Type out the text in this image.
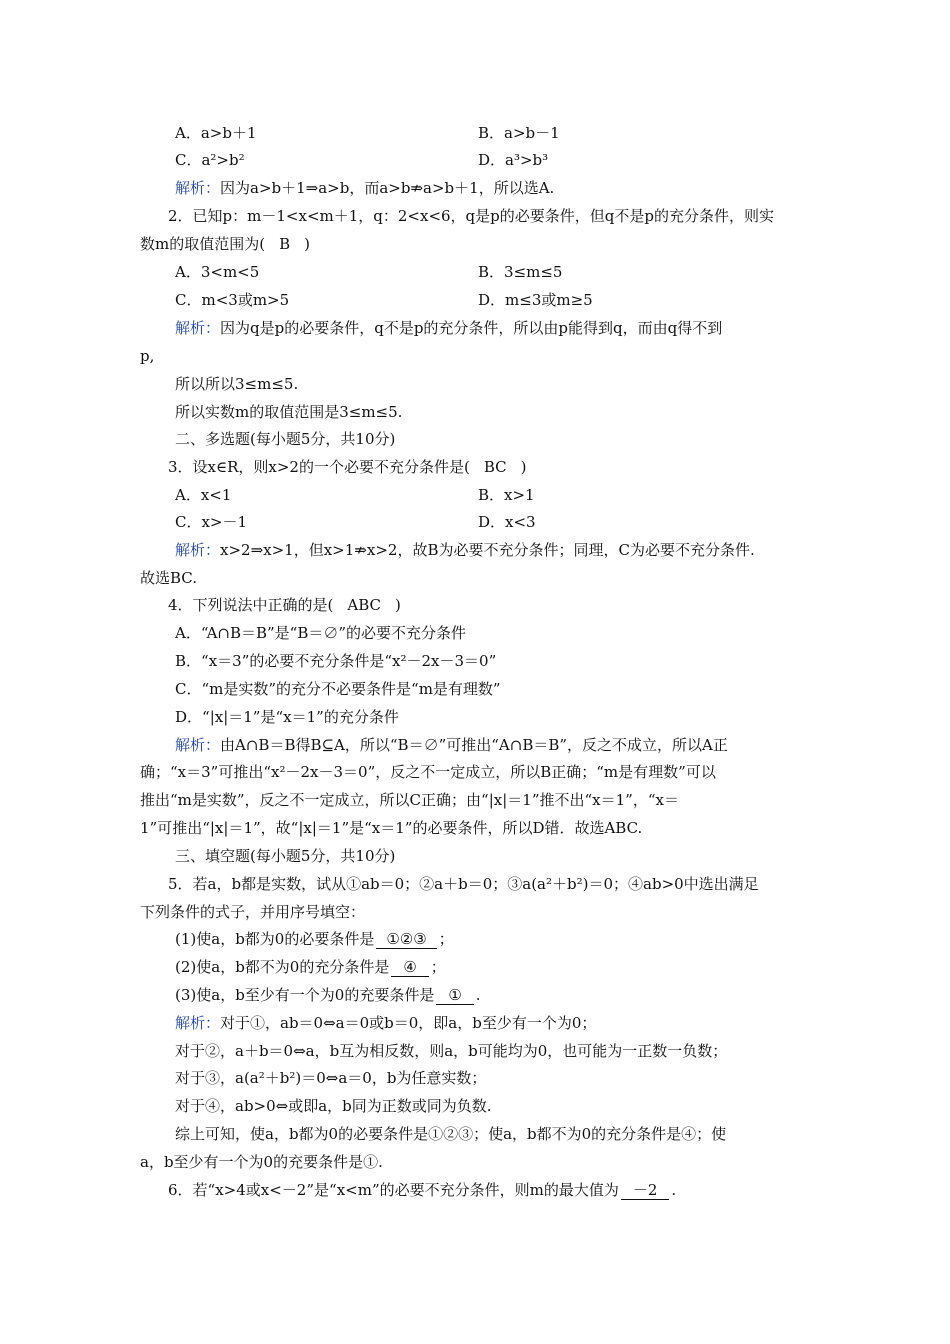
A．a>b＋1	B．a>b－1
C．a²>b²	D．a³>b³
解析：因为a>b＋1⇒a>b，而a>b⇏a>b＋1，所以选A.
2．已知p：m－1<x<m＋1，q：2<x<6，q是p的必要条件，但q不是p的充分条件，则实
数m的取值范围为( B )
A．3<m<5	B．3≤m≤5
C．m<3或m>5	D．m≤3或m≥5
解析：因为q是p的必要条件，q不是p的充分条件，所以由p能得到q，而由q得不到
p,
所以所以3≤m≤5.
所以实数m的取值范围是3≤m≤5.
二、多选题(每小题5分，共10分)
3．设x∈R，则x>2的一个必要不充分条件是( BC )
A．x<1	B．x>1
C．x>－1	D．x<3
解析：x>2⇒x>1，但x>1⇏x>2，故B为必要不充分条件；同理，C为必要不充分条件.
故选BC.
4．下列说法中正确的是( ABC )
A．“A∩B＝B”是“B＝∅”的必要不充分条件
B．“x＝3”的必要不充分条件是“x²－2x－3＝0”
C．“m是实数”的充分不必要条件是“m是有理数”
D．“|x|＝1”是“x＝1”的充分条件
解析：由A∩B＝B得B⊆A，所以“B＝∅”可推出“A∩B＝B”，反之不成立，所以A正
确；“x＝3”可推出“x²－2x－3＝0”，反之不一定成立，所以B正确；“m是有理数”可以
推出“m是实数”，反之不一定成立，所以C正确；由“|x|＝1”推不出“x＝1”，“x＝
1”可推出“|x|＝1”，故“|x|＝1”是“x＝1”的必要条件，所以D错．故选ABC.
三、填空题(每小题5分，共10分)
5．若a，b都是实数，试从①ab＝0；②a＋b＝0；③a(a²＋b²)＝0；④ab>0中选出满足
下列条件的式子，并用序号填空：
(1)使a，b都为0的必要条件是 ①②③ ；
(2)使a，b都不为0的充分条件是 ④ ；
(3)使a，b至少有一个为0的充要条件是 ① .
解析：对于①，ab＝0⇔a＝0或b＝0，即a，b至少有一个为0；
对于②，a＋b＝0⇔a，b互为相反数，则a，b可能均为0，也可能为一正数一负数；
对于③，a(a²＋b²)＝0⇔a＝0，b为任意实数；
对于④，ab>0⇔或即a，b同为正数或同为负数.
综上可知，使a，b都为0的必要条件是①②③；使a，b都不为0的充分条件是④；使
a，b至少有一个为0的充要条件是①.
6．若“x>4或x<－2”是“x<m”的必要不充分条件，则m的最大值为 －2 .
